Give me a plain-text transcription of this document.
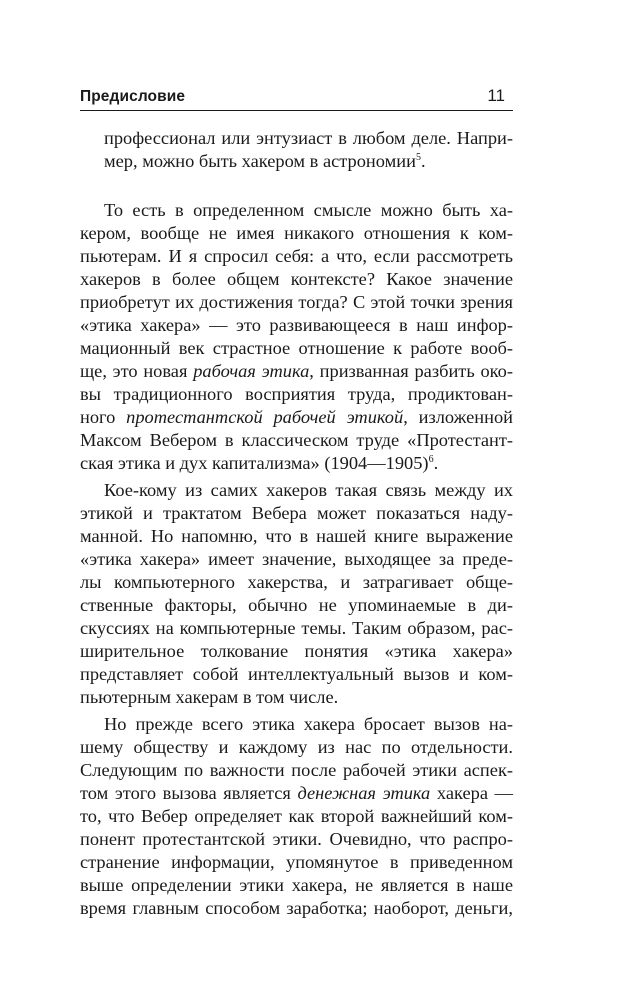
Предисловие	11
профессионал или энтузиаст в любом деле. Напри-
мер, можно быть хакером в астрономии$^5$.
То есть в определенном смысле можно быть ха-
кером, вообще не имея никакого отношения к ком-
пьютерам. И я спросил себя: а что, если рассмотреть
хакеров в более общем контексте? Какое значение
приобретут их достижения тогда? С этой точки зрения
«этика хакера» — это развивающееся в наш инфор-
мационный век страстное отношение к работе вооб-
ще, это новая рабочая этика, призванная разбить око-
вы традиционного восприятия труда, продиктован-
ного протестантской рабочей этикой, изложенной
Максом Вебером в классическом труде «Протестант-
ская этика и дух капитализма» (1904—1905)$^6$.
Кое-кому из самих хакеров такая связь между их
этикой и трактатом Вебера может показаться наду-
манной. Но напомню, что в нашей книге выражение
«этика хакера» имеет значение, выходящее за преде-
лы компьютерного хакерства, и затрагивает обще-
ственные факторы, обычно не упоминаемые в ди-
скуссиях на компьютерные темы. Таким образом, рас-
ширительное толкование понятия «этика хакера»
представляет собой интеллектуальный вызов и ком-
пьютерным хакерам в том числе.
Но прежде всего этика хакера бросает вызов на-
шему обществу и каждому из нас по отдельности.
Следующим по важности после рабочей этики аспек-
том этого вызова является денежная этика хакера —
то, что Вебер определяет как второй важнейший ком-
понент протестантской этики. Очевидно, что распро-
странение информации, упомянутое в приведенном
выше определении этики хакера, не является в наше
время главным способом заработка; наоборот, деньги,
